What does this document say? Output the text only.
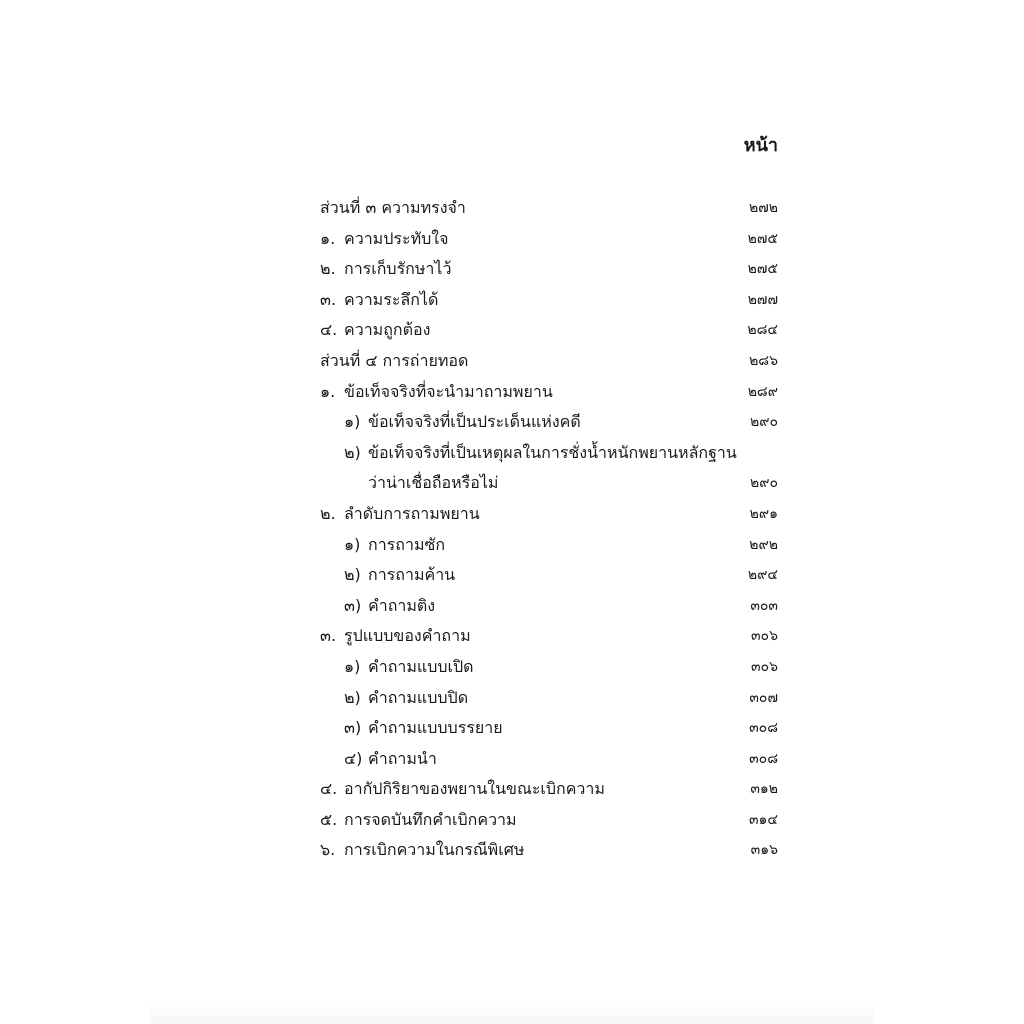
หน้า
ส่วนที่ ๓ ความทรงจำ	๒๗๒
๑. ความประทับใจ	๒๗๕
๒. การเก็บรักษาไว้	๒๗๕
๓. ความระลึกได้	๒๗๗
๔. ความถูกต้อง	๒๘๔
ส่วนที่ ๔ การถ่ายทอด	๒๘๖
๑. ข้อเท็จจริงที่จะนำมาถามพยาน	๒๘๙
๑) ข้อเท็จจริงที่เป็นประเด็นแห่งคดี	๒๙๐
๒) ข้อเท็จจริงที่เป็นเหตุผลในการชั่งน้ำหนักพยานหลักฐาน
ว่าน่าเชื่อถือหรือไม่	๒๙๐
๒. ลำดับการถามพยาน	๒๙๑
๑) การถามซัก	๒๙๒
๒) การถามค้าน	๒๙๔
๓) คำถามติง	๓๐๓
๓. รูปแบบของคำถาม	๓๐๖
๑) คำถามแบบเปิด	๓๐๖
๒) คำถามแบบปิด	๓๐๗
๓) คำถามแบบบรรยาย	๓๐๘
๔) คำถามนำ	๓๐๘
๔. อากัปกิริยาของพยานในขณะเบิกความ	๓๑๒
๕. การจดบันทึกคำเบิกความ	๓๑๔
๖. การเบิกความในกรณีพิเศษ	๓๑๖
